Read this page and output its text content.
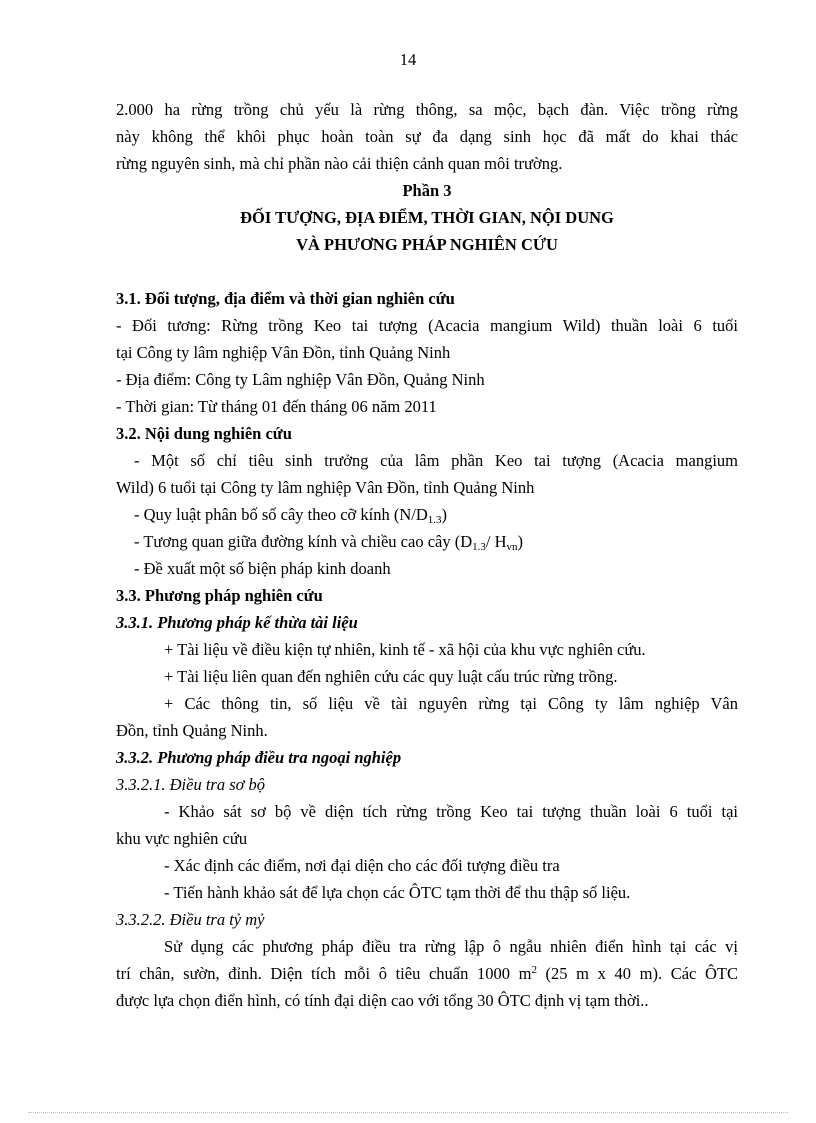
14
2.000 ha rừng trồng chủ yếu là rừng thông, sa mộc, bạch đàn. Việc trồng rừng
này không thể khôi phục hoàn toàn sự đa dạng sinh học đã mất do khai thác
rừng nguyên sinh, mà chỉ phần nào cải thiện cảnh quan môi trường.
Phần 3
ĐỐI TƯỢNG, ĐỊA ĐIỂM, THỜI GIAN, NỘI DUNG
VÀ PHƯƠNG PHÁP NGHIÊN CỨU
3.1. Đối tượng, địa điểm và thời gian nghiên cứu
- Đối tương: Rừng trồng Keo tai tượng (Acacia mangium Wild) thuần loài 6 tuổi
tại Công ty lâm nghiệp Vân Đồn, tỉnh Quảng Ninh
- Địa điểm: Công ty Lâm nghiệp Vân Đồn, Quảng Ninh
- Thời gian: Từ tháng 01 đến tháng 06 năm 2011
3.2. Nội dung nghiên cứu
- Một số chỉ tiêu sinh trưởng của lâm phần Keo tai tượng (Acacia mangium
Wild) 6 tuổi tại Công ty lâm nghiệp Vân Đồn, tỉnh Quảng Ninh
- Quy luật phân bố số cây theo cỡ kính $(N/D_{1.3})$
- Tương quan giữa đường kính và chiều cao cây ($D_{1.3}/$ $H_{vn}$)
- Đề xuất một số biện pháp kinh doanh
3.3. Phương pháp nghiên cứu
3.3.1. Phương pháp kế thừa tài liệu
+ Tài liệu về điều kiện tự nhiên, kinh tế - xã hội của khu vực nghiên cứu.
+ Tài liệu liên quan đến nghiên cứu các quy luật cấu trúc rừng trồng.
+ Các thông tin, số liệu về tài nguyên rừng tại Công ty lâm nghiệp Vân
Đồn, tỉnh Quảng Ninh.
3.3.2. Phương pháp điều tra ngoại nghiệp
3.3.2.1. Điều tra sơ bộ
- Khảo sát sơ bộ về diện tích rừng trồng Keo tai tượng thuần loài 6 tuổi tại
khu vực nghiên cứu
- Xác định các điểm, nơi đại diện cho các đối tượng điều tra
- Tiến hành khảo sát để lựa chọn các ÔTC tạm thời để thu thập số liệu.
3.3.2.2. Điều tra tỷ mỷ
Sử dụng các phương pháp điều tra rừng lập ô ngẫu nhiên điển hình tại các vị
trí chân, sườn, đỉnh. Diện tích mỗi ô tiêu chuẩn 1000 $m^2$ (25 m x 40 m). Các ÔTC
được lựa chọn điển hình, có tính đại diện cao với tổng 30 ÔTC định vị tạm thời..
